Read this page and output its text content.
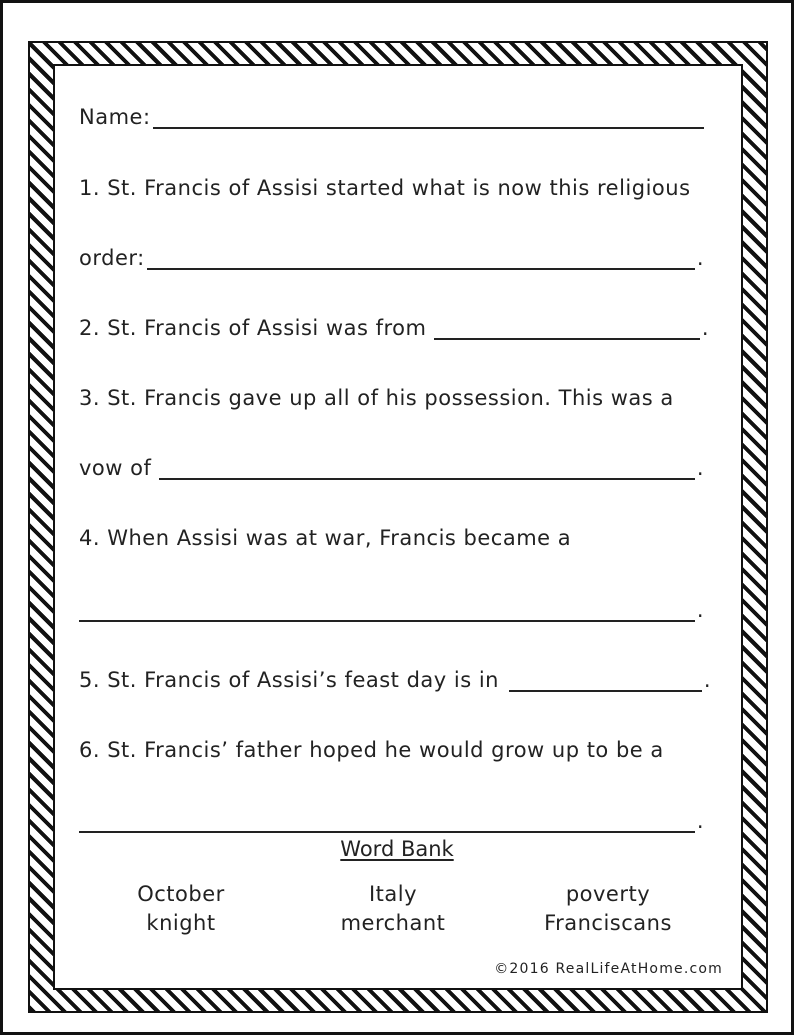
Name:
1. St. Francis of Assisi started what is now this religious
order:	.
2. St. Francis of Assisi was from	.
3. St. Francis gave up all of his possession. This was a
vow of	.
4. When Assisi was at war, Francis became a
.
5. St. Francis of Assisi’s feast day is in	.
6. St. Francis’ father hoped he would grow up to be a
.
Word Bank
October
knight
Italy
merchant
poverty
Franciscans
©2016 RealLifeAtHome.com
